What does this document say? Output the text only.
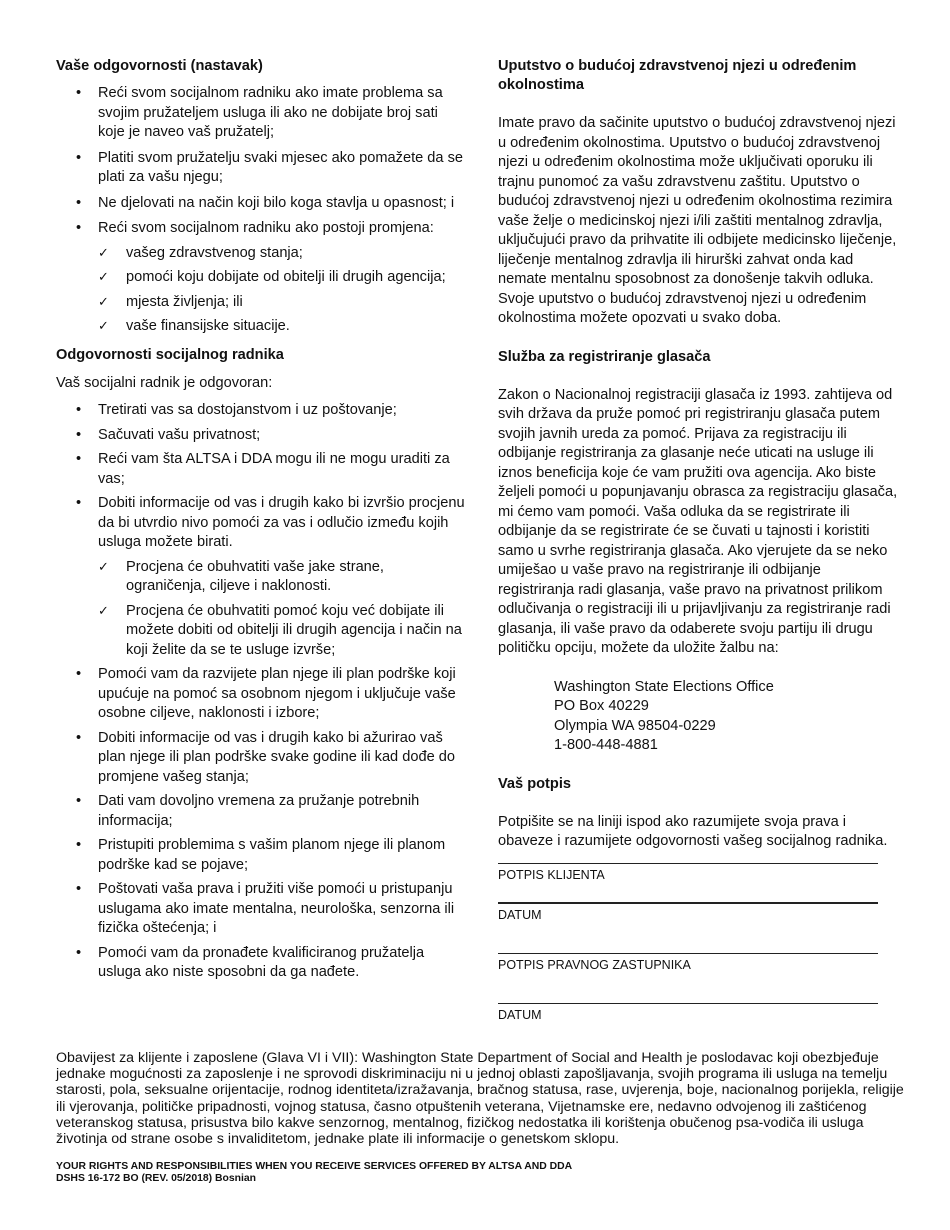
Vaše odgovornosti (nastavak)
• Reći svom socijalnom radniku ako imate problema sa svojim pružateljem usluga ili ako ne dobijate broj sati koje je naveo vaš pružatelj;
• Platiti svom pružatelju svaki mjesec ako pomažete da se plati za vašu njegu;
• Ne djelovati na način koji bilo koga stavlja u opasnost; i
• Reći svom socijalnom radniku ako postoji promjena:
✓ vašeg zdravstvenog stanja;
✓ pomoći koju dobijate od obitelji ili drugih agencija;
✓ mjesta življenja; ili
✓ vaše finansijske situacije.
Odgovornosti socijalnog radnika

Vaš socijalni radnik je odgovoran:

• Tretirati vas sa dostojanstvom i uz poštovanje;
• Sačuvati vašu privatnost;
• Reći vam šta ALTSA i DDA mogu ili ne mogu uraditi za vas;
• Dobiti informacije od vas i drugih kako bi izvršio procjenu da bi utvrdio nivo pomoći za vas i odlučio između kojih usluga možete birati.
✓ Procjena će obuhvatiti vaše jake strane, ograničenja, ciljeve i naklonosti.
✓ Procjena će obuhvatiti pomoć koju već dobijate ili možete dobiti od obitelji ili drugih agencija i način na koji želite da se te usluge izvrše;
• Pomoći vam da razvijete plan njege ili plan podrške koji upućuje na pomoć sa osobnom njegom i uključuje vaše osobne ciljeve, naklonosti i izbore;
• Dobiti informacije od vas i drugih kako bi ažurirao vaš plan njege ili plan podrške svake godine ili kad dođe do promjene vašeg stanja;
• Dati vam dovoljno vremena za pružanje potrebnih informacija;
• Pristupiti problemima s vašim planom njege ili planom podrške kad se pojave;
• Poštovati vaša prava i pružiti više pomoći u pristupanju uslugama ako imate mentalna, neurološka, senzorna ili fizička oštećenja; i
• Pomoći vam da pronađete kvalificiranog pružatelja usluga ako niste sposobni da ga nađete.
Uputstvo o budućoj zdravstvenoj njezi u određenim okolnostima

Imate pravo da sačinite uputstvo o budućoj zdravstvenoj njezi u određenim okolnostima. Uputstvo o budućoj zdravstvenoj njezi u određenim okolnostima može uključivati oporuku ili trajnu punomoć za vašu zdravstvenu zaštitu. Uputstvo o budućoj zdravstvenoj njezi u određenim okolnostima rezimira vaše želje o medicinskoj njezi i/ili zaštiti mentalnog zdravlja, uključujući pravo da prihvatite ili odbijete medicinsko liječenje, liječenje mentalnog zdravlja ili hirurški zahvat onda kad nemate mentalnu sposobnost za donošenje takvih odluka. Svoje uputstvo o budućoj zdravstvenoj njezi u određenim okolnostima možete opozvati u svako doba.

Služba za registriranje glasača

Zakon o Nacionalnoj registraciji glasača iz 1993. zahtijeva od svih država da pruže pomoć pri registriranju glasača putem svojih javnih ureda za pomoć. Prijava za registraciju ili odbijanje registriranja za glasanje neće uticati na usluge ili iznos beneficija koje će vam pružiti ova agencija. Ako biste željeli pomoći u popunjavanju obrasca za registraciju glasača, mi ćemo vam pomoći. Vaša odluka da se registrirate ili odbijanje da se registrirate će se čuvati u tajnosti i koristiti samo u svrhe registriranja glasača. Ako vjerujete da se neko umiješao u vaše pravo na registriranje ili odbijanje registriranja radi glasanja, vaše pravo na privatnost prilikom odlučivanja o registraciji ili u prijavljivanju za registriranje radi glasanja, ili vaše pravo da odaberete svoju partiju ili drugu političku opciju, možete da uložite žalbu na:

Washington State Elections Office
PO Box 40229
Olympia WA 98504-0229
1-800-448-4881
Vaš potpis

Potpišite se na liniji ispod ako razumijete svoja prava i obaveze i razumijete odgovornosti vašeg socijalnog radnika.

POTPIS KLIJENTA
DATUM
POTPIS PRAVNOG ZASTUPNIKA
DATUM

Obavijest za klijente i zaposlene (Glava VI i VII): Washington State Department of Social and Health je poslodavac koji obezbjeđuje jednake mogućnosti za zaposlenje i ne sprovodi diskriminaciju ni u jednoj oblasti zapošljavanja, svojih programa ili usluga na temelju starosti, pola, seksualne orijentacije, rodnog identiteta/izražavanja, bračnog statusa, rase, uvjerenja, boje, nacionalnog porijekla, religije ili vjerovanja, političke pripadnosti, vojnog statusa, časno otpuštenih veterana, Vijetnamske ere, nedavno odvojenog ili zaštićenog veteranskog statusa, prisustva bilo kakve senzornog, mentalnog, fizičkog nedostatka ili korištenja obučenog psa-vodiča ili usluga životinja od strane osobe s invaliditetom, jednake plate ili informacije o genetskom sklopu.

YOUR RIGHTS AND RESPONSIBILITIES WHEN YOU RECEIVE SERVICES OFFERED BY ALTSA AND DDA
DSHS 16-172 BO (REV. 05/2018) Bosnian
